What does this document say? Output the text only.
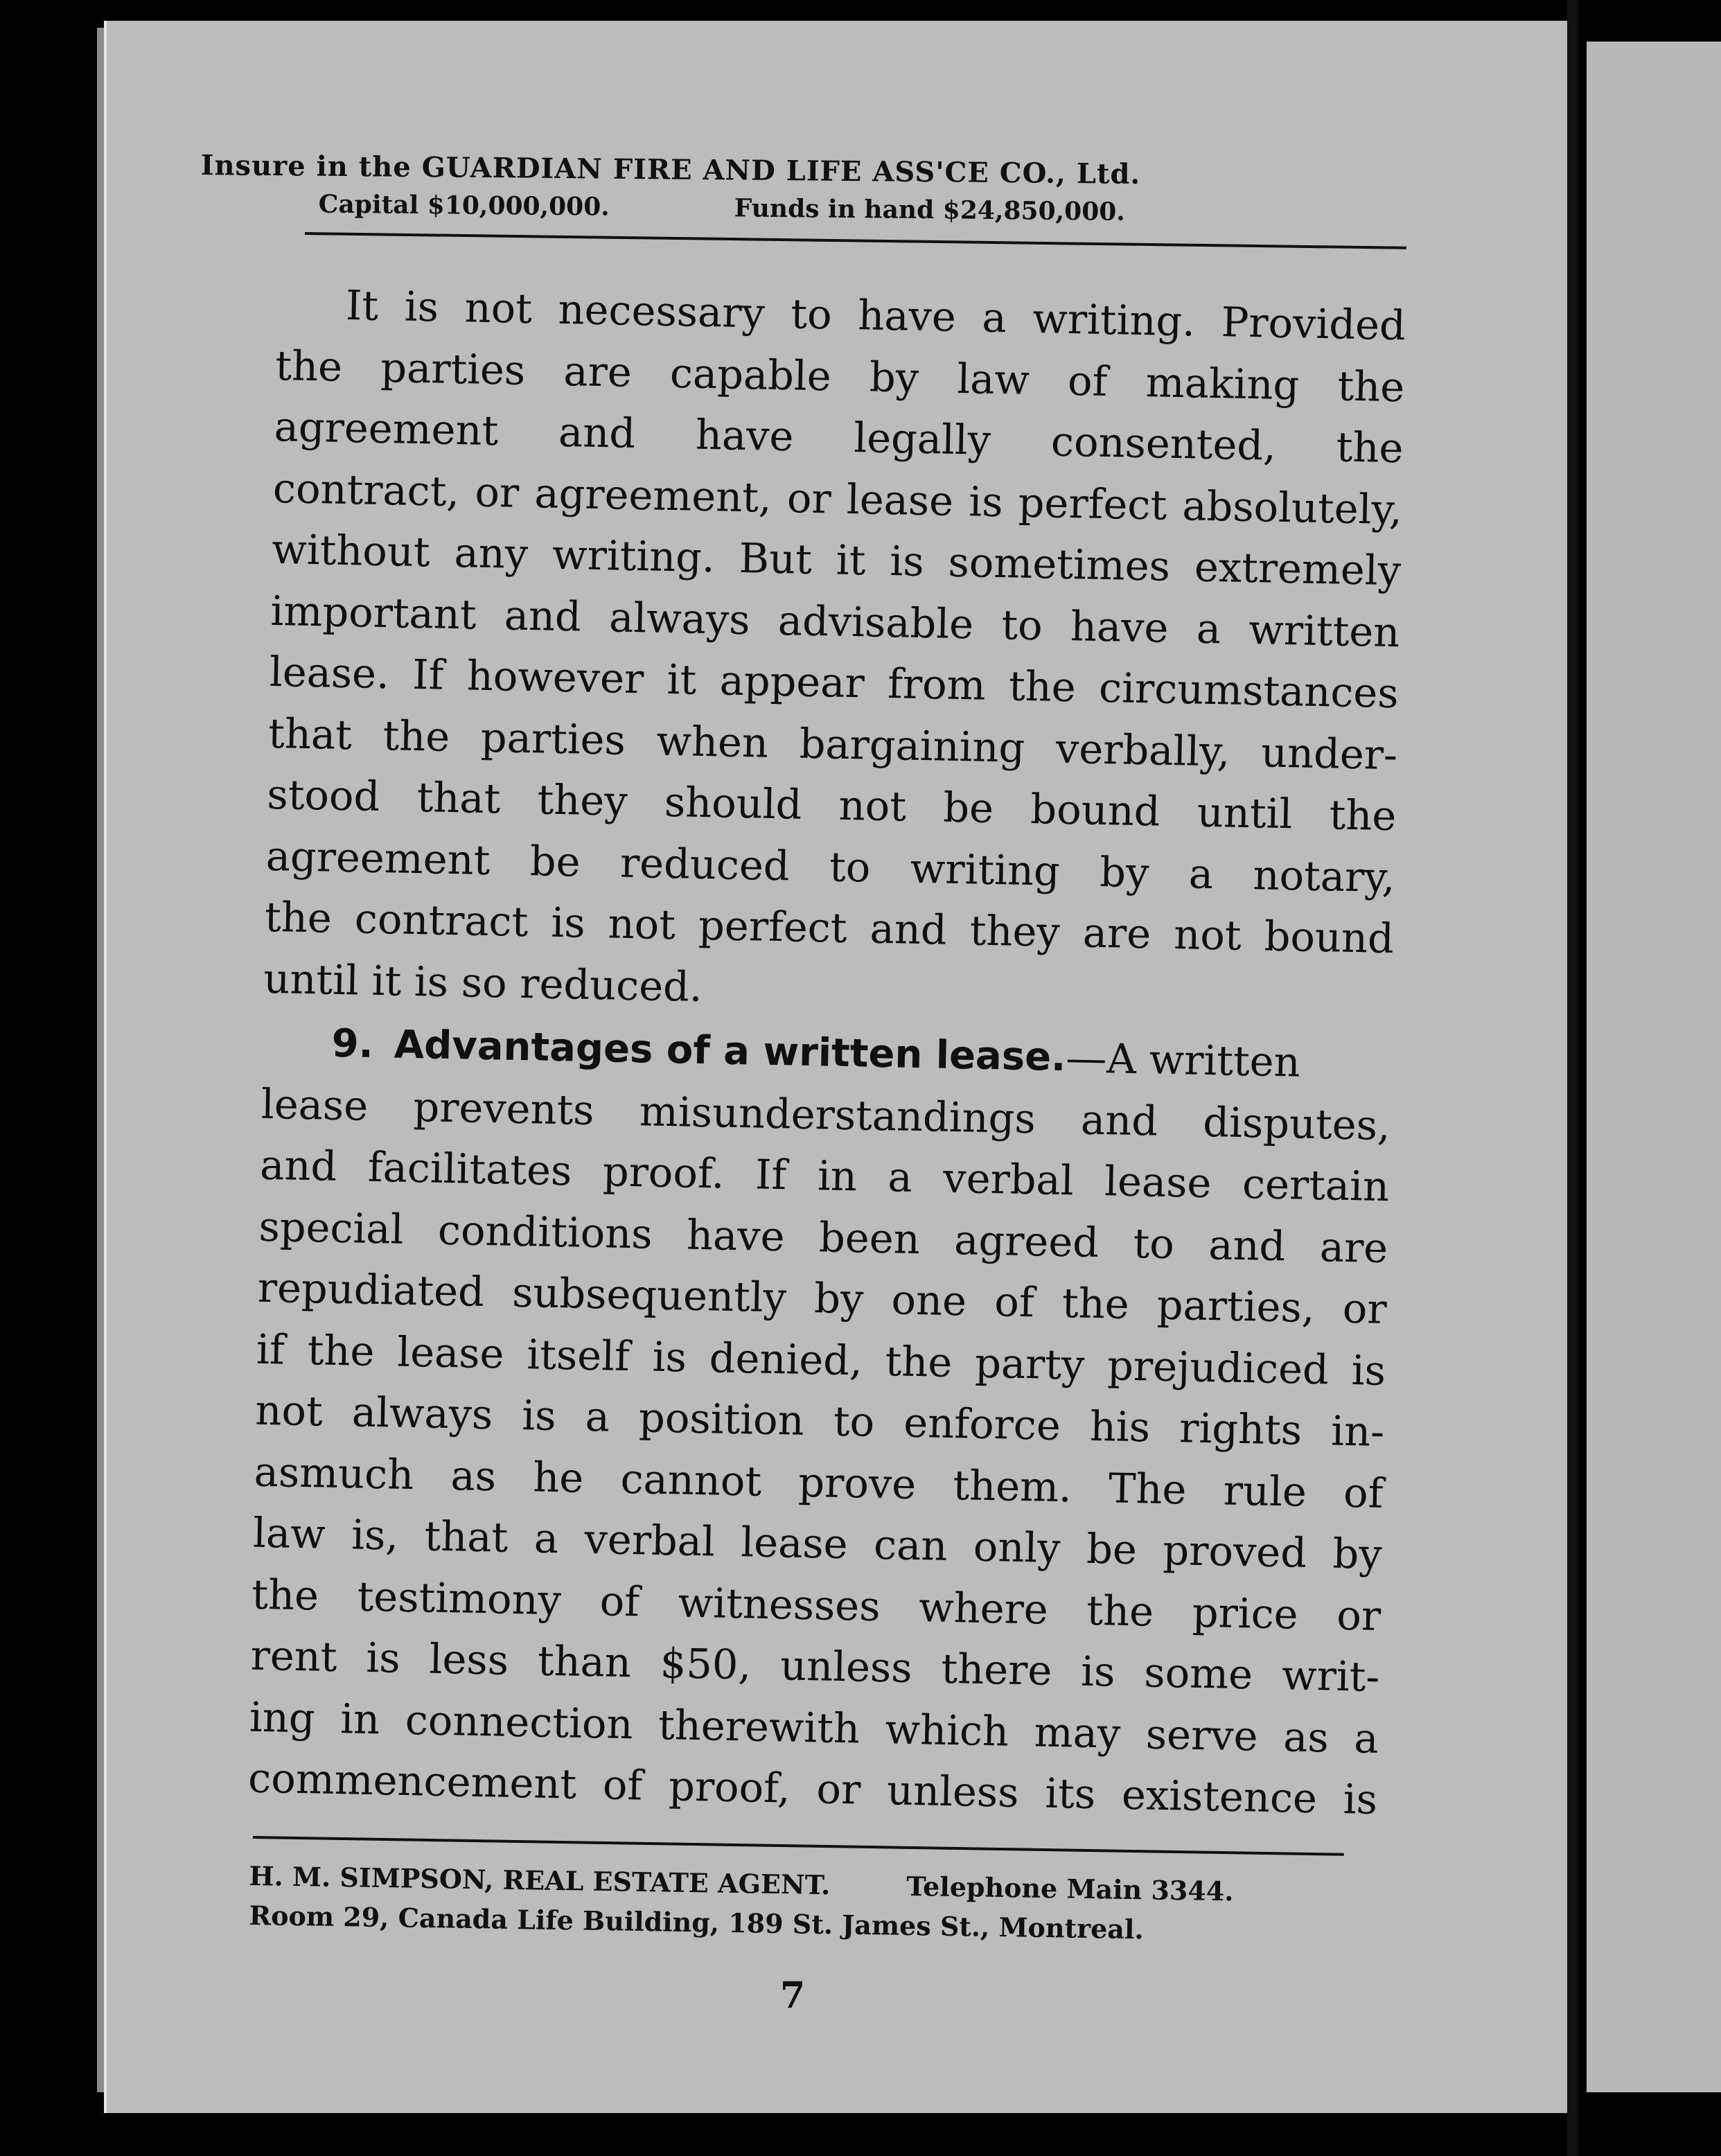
Insure in the GUARDIAN FIRE AND LIFE ASS'CE CO., Ltd.
Capital $10,000,000.	Funds in hand $24,850,000.
It is not necessary to have a writing. Provided
the parties are capable by law of making the
agreement and have legally consented, the
contract, or agreement, or lease is perfect absolutely,
without any writing. But it is sometimes extremely
important and always advisable to have a written
lease. If however it appear from the circumstances
that the parties when bargaining verbally, under-
stood that they should not be bound until the
agreement be reduced to writing by a notary,
the contract is not perfect and they are not bound
until it is so reduced.
9. Advantages of a written lease.
—A written
lease prevents misunderstandings and disputes,
and facilitates proof. If in a verbal lease certain
special conditions have been agreed to and are
repudiated subsequently by one of the parties, or
if the lease itself is denied, the party prejudiced is
not always is a position to enforce his rights in-
asmuch as he cannot prove them. The rule of
law is, that a verbal lease can only be proved by
the testimony of witnesses where the price or
rent is less than $50, unless there is some writ-
ing in connection therewith which may serve as a
commencement of proof, or unless its existence is
H. M. SIMPSON, REAL ESTATE AGENT.	Telephone Main 3344.
Room 29, Canada Life Building, 189 St. James St., Montreal.
7
